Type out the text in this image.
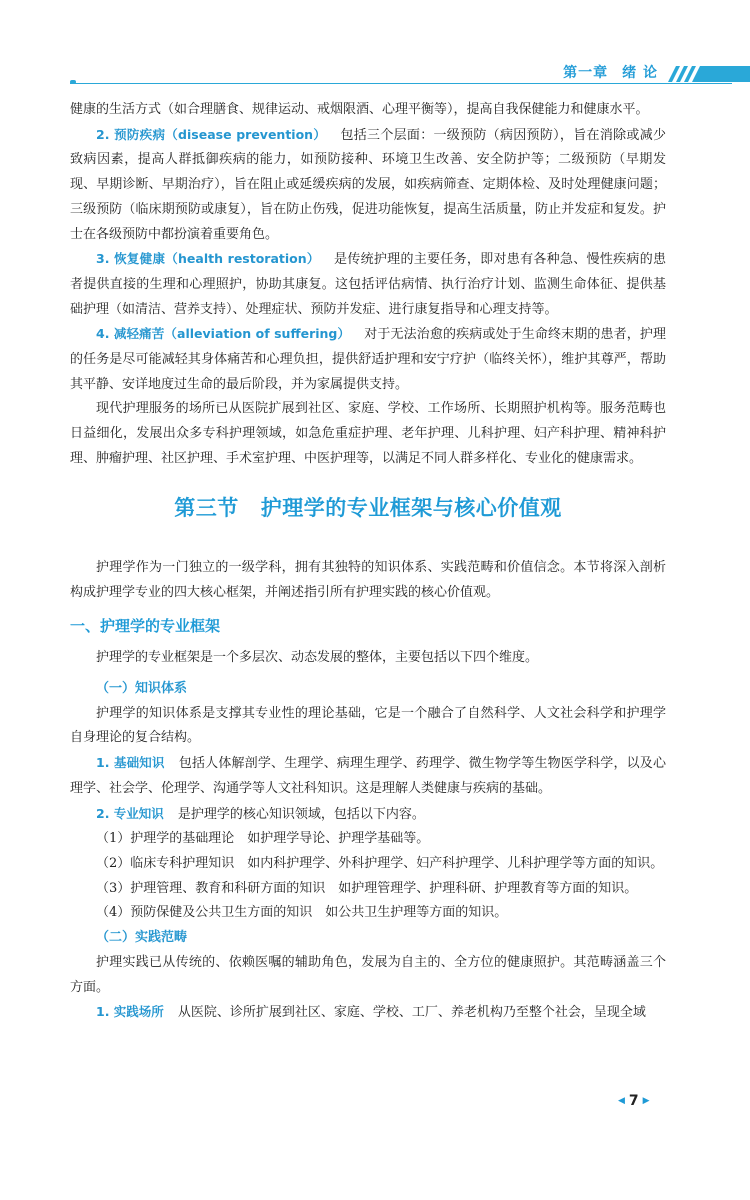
第一章 绪 论

健康的生活方式（如合理膳食、规律运动、戒烟限酒、心理平衡等），提高自我保健能力和健康水平。

2. 预防疾病（disease prevention） 包括三个层面：一级预防（病因预防），旨在消除或减少致病因素，提高人群抵御疾病的能力，如预防接种、环境卫生改善、安全防护等；二级预防（早期发现、早期诊断、早期治疗），旨在阻止或延缓疾病的发展，如疾病筛查、定期体检、及时处理健康问题；三级预防（临床期预防或康复），旨在防止伤残，促进功能恢复，提高生活质量，防止并发症和复发。护士在各级预防中都扮演着重要角色。

3. 恢复健康（health restoration） 是传统护理的主要任务，即对患有各种急、慢性疾病的患者提供直接的生理和心理照护，协助其康复。这包括评估病情、执行治疗计划、监测生命体征、提供基础护理（如清洁、营养支持）、处理症状、预防并发症、进行康复指导和心理支持等。

4. 减轻痛苦（alleviation of suffering） 对于无法治愈的疾病或处于生命终末期的患者，护理的任务是尽可能减轻其身体痛苦和心理负担，提供舒适护理和安宁疗护（临终关怀），维护其尊严，帮助其平静、安详地度过生命的最后阶段，并为家属提供支持。

现代护理服务的场所已从医院扩展到社区、家庭、学校、工作场所、长期照护机构等。服务范畴也日益细化，发展出众多专科护理领域，如急危重症护理、老年护理、儿科护理、妇产科护理、精神科护理、肿瘤护理、社区护理、手术室护理、中医护理等，以满足不同人群多样化、专业化的健康需求。

第三节 护理学的专业框架与核心价值观

护理学作为一门独立的一级学科，拥有其独特的知识体系、实践范畴和价值信念。本节将深入剖析构成护理学专业的四大核心框架，并阐述指引所有护理实践的核心价值观。

一、护理学的专业框架

护理学的专业框架是一个多层次、动态发展的整体，主要包括以下四个维度。

（一）知识体系

护理学的知识体系是支撑其专业性的理论基础，它是一个融合了自然科学、人文社会科学和护理学自身理论的复合结构。

1. 基础知识 包括人体解剖学、生理学、病理生理学、药理学、微生物学等生物医学科学，以及心理学、社会学、伦理学、沟通学等人文社科知识。这是理解人类健康与疾病的基础。

2. 专业知识 是护理学的核心知识领域，包括以下内容。

（1）护理学的基础理论　如护理学导论、护理学基础等。

（2）临床专科护理知识　如内科护理学、外科护理学、妇产科护理学、儿科护理学等方面的知识。

（3）护理管理、教育和科研方面的知识　如护理管理学、护理科研、护理教育等方面的知识。

（4）预防保健及公共卫生方面的知识　如公共卫生护理等方面的知识。

（二）实践范畴

护理实践已从传统的、依赖医嘱的辅助角色，发展为自主的、全方位的健康照护。其范畴涵盖三个方面。

1. 实践场所 从医院、诊所扩展到社区、家庭、学校、工厂、养老机构乃至整个社会，呈现全域

◀ 7 ▶
